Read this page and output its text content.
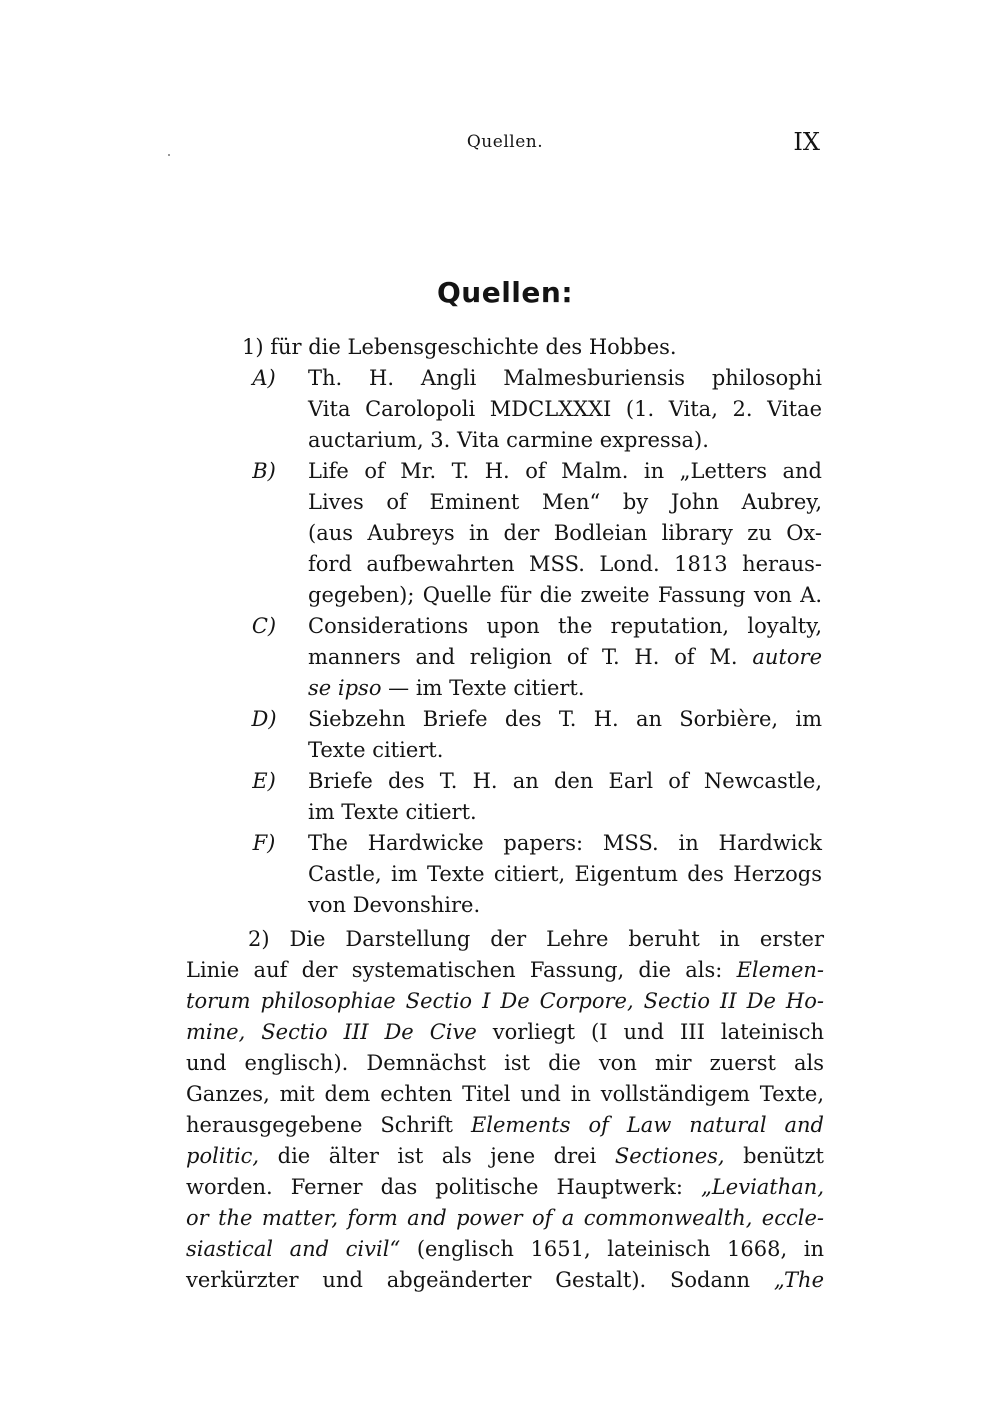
Quellen.	IX
Quellen:
1) für die Lebensgeschichte des Hobbes.
A)	Th. H. Angli Malmesburiensis philosophi
Vita Carolopoli MDCLXXXI (1. Vita, 2. Vitae
auctarium, 3. Vita carmine expressa).
B)	Life of Mr. T. H. of Malm. in „Letters and
Lives of Eminent Men“ by John Aubrey,
(aus Aubreys in der Bodleian library zu Ox-
ford aufbewahrten MSS. Lond. 1813 heraus-
gegeben); Quelle für die zweite Fassung von A.
C)	Considerations upon the reputation, loyalty,
manners and religion of T. H. of M. autore
se ipso — im Texte citiert.
D)	Siebzehn Briefe des T. H. an Sorbière, im
Texte citiert.
E)	Briefe des T. H. an den Earl of Newcastle,
im Texte citiert.
F)	The Hardwicke papers: MSS. in Hardwick
Castle, im Texte citiert, Eigentum des Herzogs
von Devonshire.
2) Die Darstellung der Lehre beruht in erster
Linie auf der systematischen Fassung, die als: Elemen-
torum philosophiae Sectio I De Corpore, Sectio II De Ho-
mine, Sectio III De Cive vorliegt (I und III lateinisch
und englisch). Demnächst ist die von mir zuerst als
Ganzes, mit dem echten Titel und in vollständigem Texte,
herausgegebene Schrift Elements of Law natural and
politic, die älter ist als jene drei Sectiones, benützt
worden. Ferner das politische Hauptwerk: „Leviathan,
or the matter, form and power of a commonwealth, eccle-
siastical and civil“ (englisch 1651, lateinisch 1668, in
verkürzter und abgeänderter Gestalt). Sodann „The
